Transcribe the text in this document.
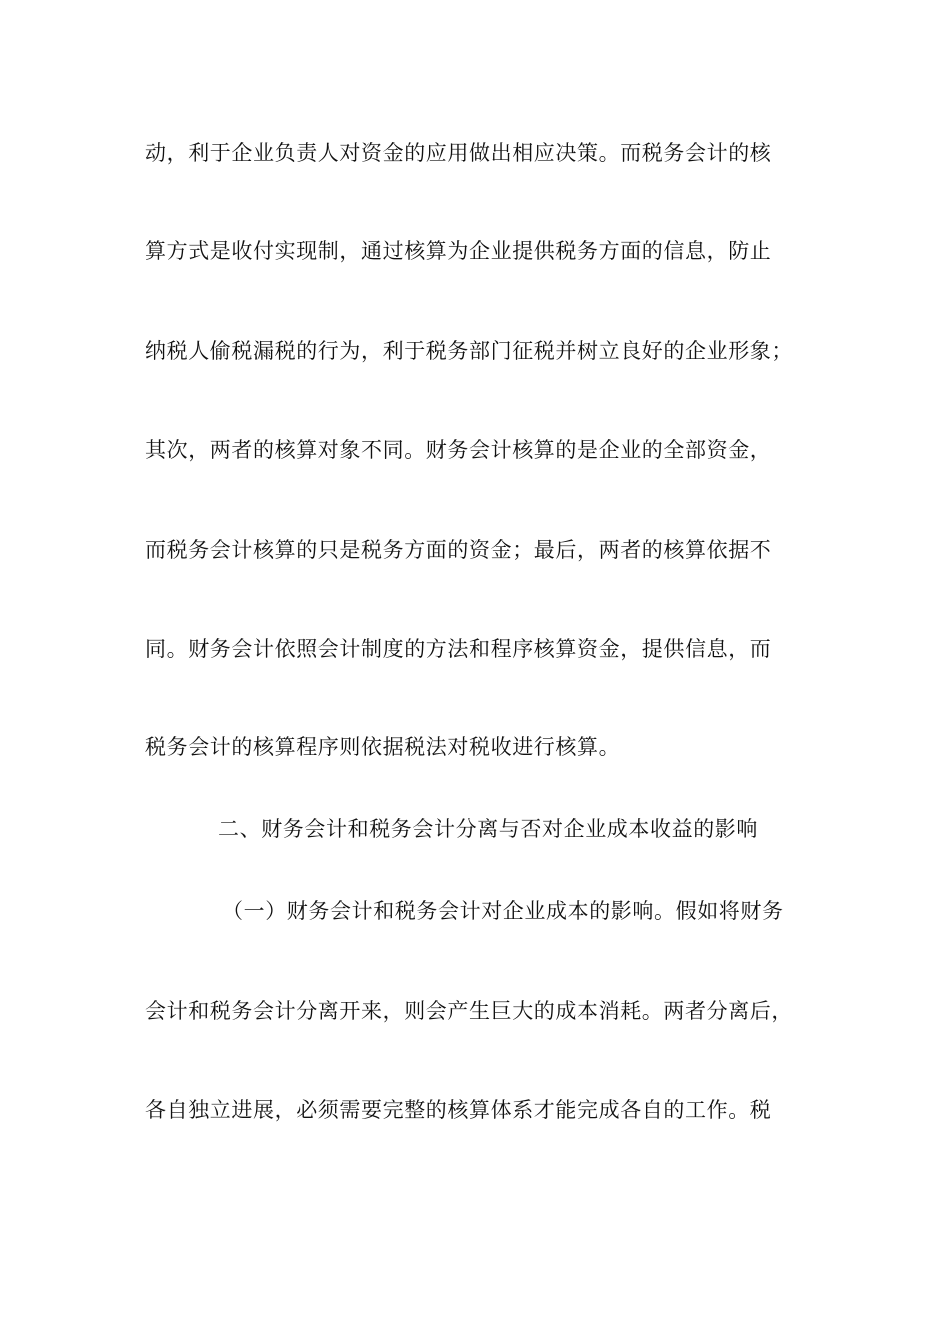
动，利于企业负责人对资金的应用做出相应决策。而税务会计的核
算方式是收付实现制，通过核算为企业提供税务方面的信息，防止
纳税人偷税漏税的行为，利于税务部门征税并树立良好的企业形象；
其次，两者的核算对象不同。财务会计核算的是企业的全部资金，
而税务会计核算的只是税务方面的资金；最后，两者的核算依据不
同。财务会计依照会计制度的方法和程序核算资金，提供信息，而
税务会计的核算程序则依据税法对税收进行核算。
二、财务会计和税务会计分离与否对企业成本收益的影响
（一）财务会计和税务会计对企业成本的影响。假如将财务
会计和税务会计分离开来，则会产生巨大的成本消耗。两者分离后，
各自独立进展，必须需要完整的核算体系才能完成各自的工作。税
